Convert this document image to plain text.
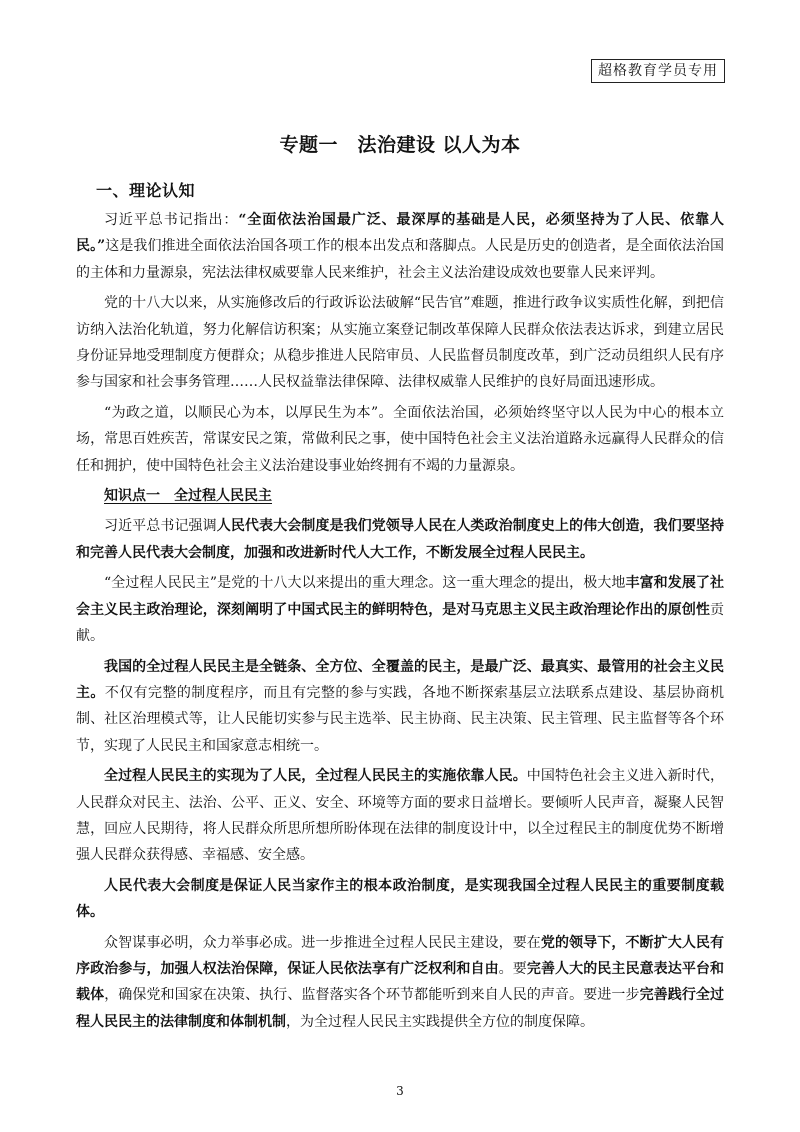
超格教育学员专用
专题一　法治建设 以人为本
一、理论认知

习近平总书记指出：“全面依法治国最广泛、最深厚的基础是人民，必须坚持为了人民、依靠人民。”这是我们推进全面依法治国各项工作的根本出发点和落脚点。人民是历史的创造者，是全面依法治国的主体和力量源泉，宪法法律权威要靠人民来维护，社会主义法治建设成效也要靠人民来评判。

党的十八大以来，从实施修改后的行政诉讼法破解“民告官”难题，推进行政争议实质性化解，到把信访纳入法治化轨道，努力化解信访积案；从实施立案登记制改革保障人民群众依法表达诉求，到建立居民身份证异地受理制度方便群众；从稳步推进人民陪审员、人民监督员制度改革，到广泛动员组织人民有序参与国家和社会事务管理……人民权益靠法律保障、法律权威靠人民维护的良好局面迅速形成。

“为政之道，以顺民心为本，以厚民生为本”。全面依法治国，必须始终坚守以人民为中心的根本立场，常思百姓疾苦，常谋安民之策，常做利民之事，使中国特色社会主义法治道路永远赢得人民群众的信任和拥护，使中国特色社会主义法治建设事业始终拥有不竭的力量源泉。

知识点一　全过程人民民主

习近平总书记强调人民代表大会制度是我们党领导人民在人类政治制度史上的伟大创造，我们要坚持和完善人民代表大会制度，加强和改进新时代人大工作，不断发展全过程人民民主。

“全过程人民民主”是党的十八大以来提出的重大理念。这一重大理念的提出，极大地丰富和发展了社会主义民主政治理论，深刻阐明了中国式民主的鲜明特色，是对马克思主义民主政治理论作出的原创性贡献。

我国的全过程人民民主是全链条、全方位、全覆盖的民主，是最广泛、最真实、最管用的社会主义民主。不仅有完整的制度程序，而且有完整的参与实践，各地不断探索基层立法联系点建设、基层协商机制、社区治理模式等，让人民能切实参与民主选举、民主协商、民主决策、民主管理、民主监督等各个环节，实现了人民民主和国家意志相统一。

全过程人民民主的实现为了人民，全过程人民民主的实施依靠人民。中国特色社会主义进入新时代，人民群众对民主、法治、公平、正义、安全、环境等方面的要求日益增长。要倾听人民声音，凝聚人民智慧，回应人民期待，将人民群众所思所想所盼体现在法律的制度设计中，以全过程民主的制度优势不断增强人民群众获得感、幸福感、安全感。

人民代表大会制度是保证人民当家作主的根本政治制度，是实现我国全过程人民民主的重要制度载体。

众智谋事必明，众力举事必成。进一步推进全过程人民民主建设，要在党的领导下，不断扩大人民有序政治参与，加强人权法治保障，保证人民依法享有广泛权利和自由。要完善人大的民主民意表达平台和载体，确保党和国家在决策、执行、监督落实各个环节都能听到来自人民的声音。要进一步完善践行全过程人民民主的法律制度和体制机制，为全过程人民民主实践提供全方位的制度保障。

3
